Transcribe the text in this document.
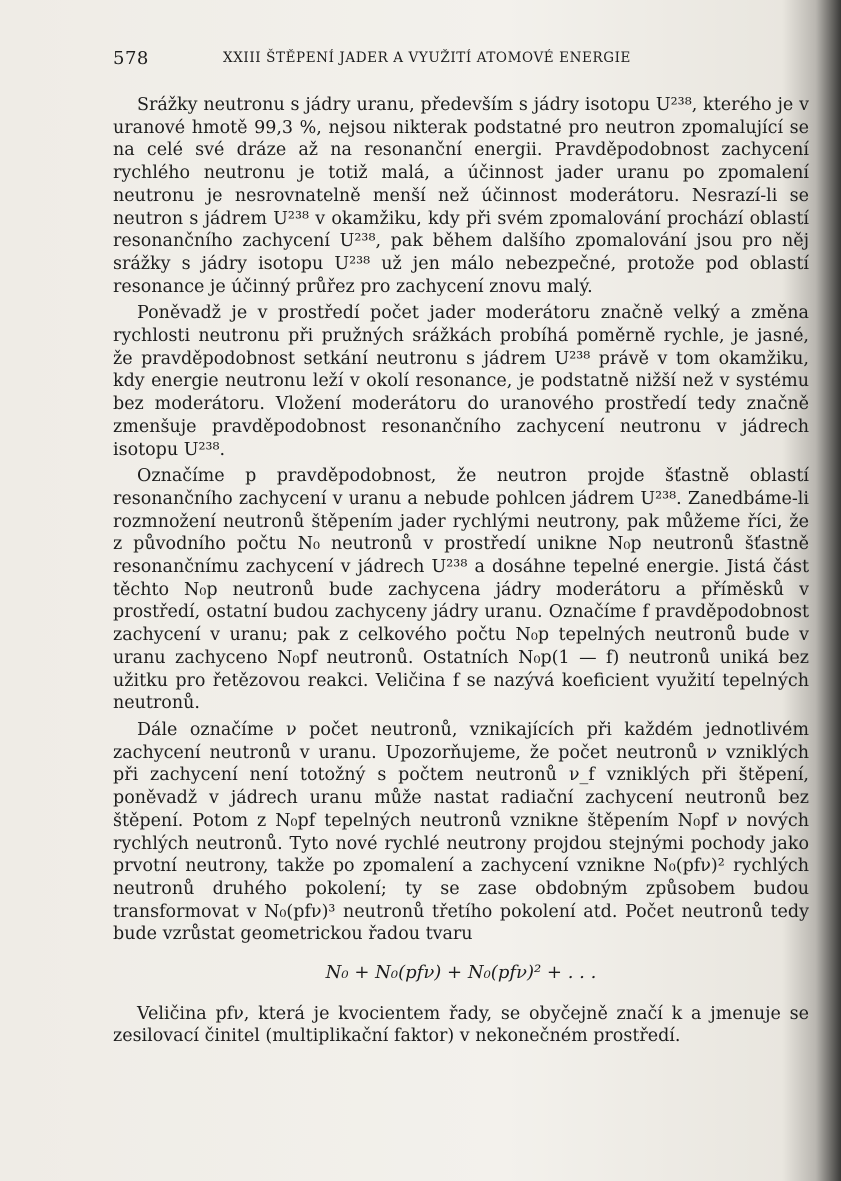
578	XXIII ŠTĚPENÍ JADER A VYUŽITÍ ATOMOVÉ ENERGIE

Srážky neutronu s jádry uranu, především s jádry isotopu U²³⁸, kterého je v uranové hmotě 99,3 %, nejsou nikterak podstatné pro neutron zpomalující se na celé své dráze až na resonanční energii. Pravděpodobnost zachycení rychlého neutronu je totiž malá, a účinnost jader uranu po zpomalení neutronu je nesrovnatelně menší než účinnost moderátoru. Nesrazí-li se neutron s jádrem U²³⁸ v okamžiku, kdy při svém zpomalování prochází oblastí resonančního zachycení U²³⁸, pak během dalšího zpomalování jsou pro něj srážky s jádry isotopu U²³⁸ už jen málo nebezpečné, protože pod oblastí resonance je účinný průřez pro zachycení znovu malý.

Poněvadž je v prostředí počet jader moderátoru značně velký a změna rychlosti neutronu při pružných srážkách probíhá poměrně rychle, je jasné, že pravděpodobnost setkání neutronu s jádrem U²³⁸ právě v tom okamžiku, kdy energie neutronu leží v okolí resonance, je podstatně nižší než v systému bez moderátoru. Vložení moderátoru do uranového prostředí tedy značně zmenšuje pravděpodobnost resonančního zachycení neutronu v jádrech isotopu U²³⁸.

Označíme p pravděpodobnost, že neutron projde šťastně oblastí resonančního zachycení v uranu a nebude pohlcen jádrem U²³⁸. Zanedbáme-li rozmnožení neutronů štěpením jader rychlými neutrony, pak můžeme říci, že z původního počtu N₀ neutronů v prostředí unikne N₀p neutronů šťastně resonančnímu zachycení v jádrech U²³⁸ a dosáhne tepelné energie. Jistá část těchto N₀p neutronů bude zachycena jádry moderátoru a příměsků v prostředí, ostatní budou zachyceny jádry uranu. Označíme f pravděpodobnost zachycení v uranu; pak z celkového počtu N₀p tepelných neutronů bude v uranu zachyceno N₀pf neutronů. Ostatních N₀p(1 — f) neutronů uniká bez užitku pro řetězovou reakci. Veličina f se nazývá koeficient využití tepelných neutronů.

Dále označíme ν počet neutronů, vznikajících při každém jednotlivém zachycení neutronů v uranu. Upozorňujeme, že počet neutronů ν vzniklých při zachycení není totožný s počtem neutronů ν_f vzniklých při štěpení, poněvadž v jádrech uranu může nastat radiační zachycení neutronů bez štěpení. Potom z N₀pf tepelných neutronů vznikne štěpením N₀pf ν nových rychlých neutronů. Tyto nové rychlé neutrony projdou stejnými pochody jako prvotní neutrony, takže po zpomalení a zachycení vznikne N₀(pfν)² rychlých neutronů druhého pokolení; ty se zase obdobným způsobem budou transformovat v N₀(pfν)³ neutronů třetího pokolení atd. Počet neutronů tedy bude vzrůstat geometrickou řadou tvaru

N₀ + N₀(pfν) + N₀(pfν)² + . . .

Veličina pfν, která je kvocientem řady, se obyčejně značí k a jmenuje se zesilovací činitel (multiplikační faktor) v nekonečném prostředí.
